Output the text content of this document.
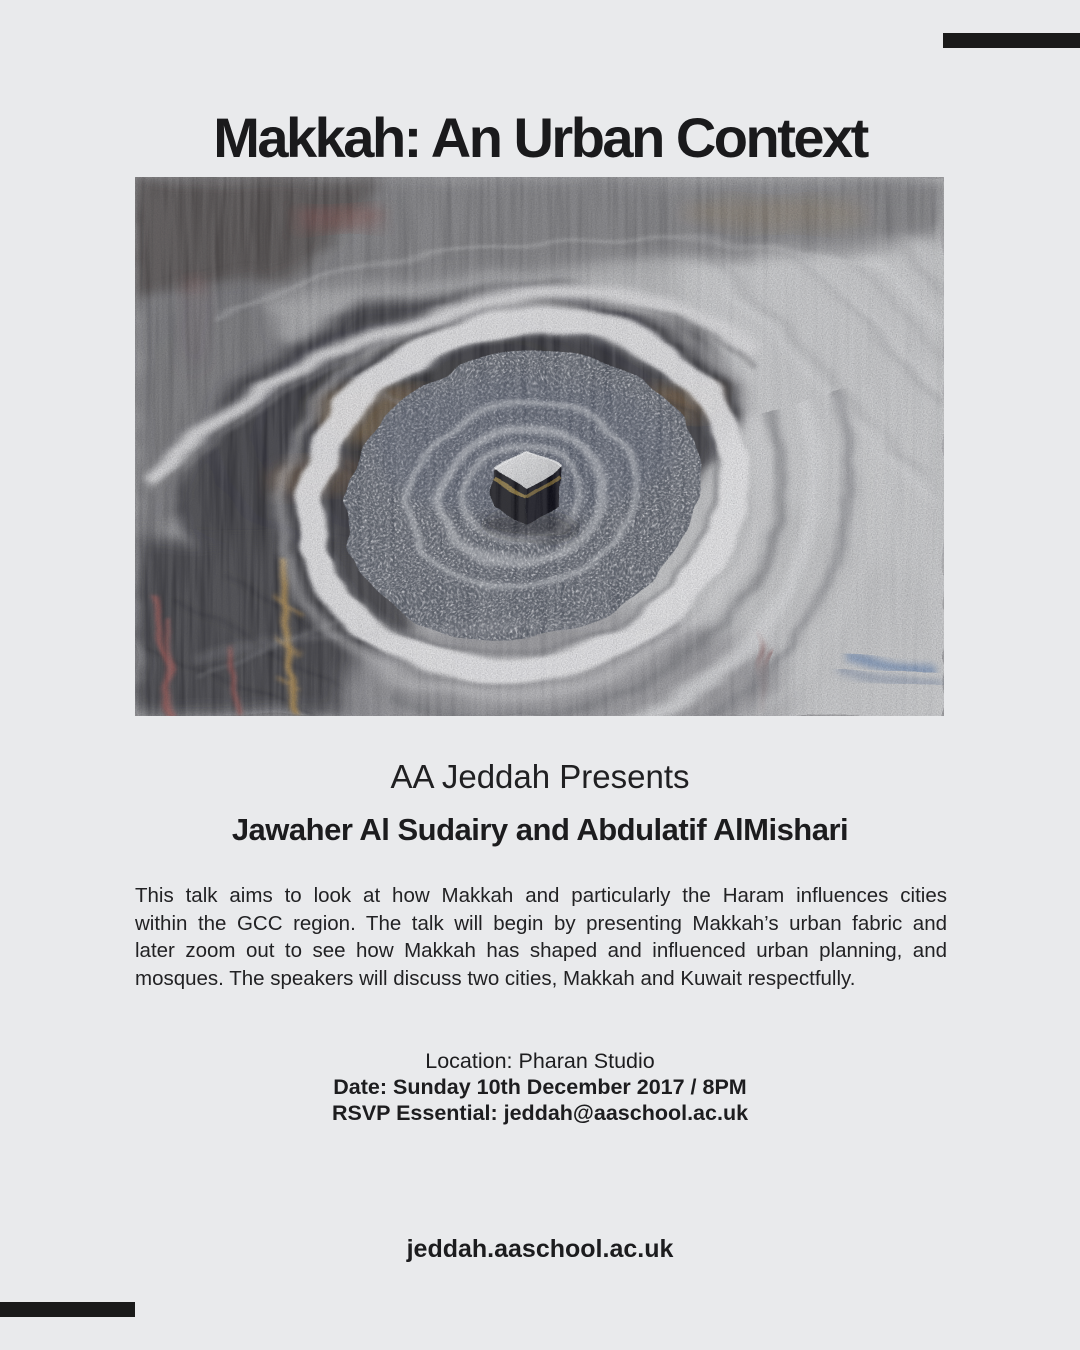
Makkah: An Urban Context
AA Jeddah Presents
Jawaher Al Sudairy and Abdulatif AlMishari
This talk aims to look at how Makkah and particularly the Haram influences cities
within the GCC region. The talk will begin by presenting Makkah’s urban fabric and
later zoom out to see how Makkah has shaped and influenced urban planning, and
mosques. The speakers will discuss two cities, Makkah and Kuwait respectfully.
Location: Pharan Studio
Date: Sunday 10th December 2017 / 8PM
RSVP Essential: jeddah@aaschool.ac.uk
jeddah.aaschool.ac.uk
